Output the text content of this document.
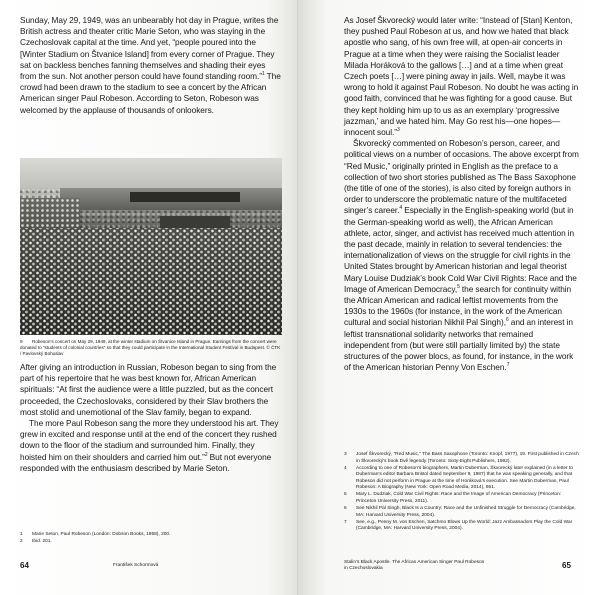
Sunday, May 29, 1949, was an unbearably hot day in Prague, writes the British actress and theater critic Marie Seton, who was staying in the Czechoslovak capital at the time. And yet, “people poured into the [Winter Stadium on Štvanice Island] from every corner of Prague. They sat on backless benches fanning themselves and shading their eyes from the sun. Not another person could have found standing room.”$^1$ The crowd had been drawn to the stadium to see a concert by the African American singer Paul Robeson. According to Seton, Robeson was welcomed by the applause of thousands of onlookers.

9 Robeson’s concert on May 29, 1949, at the winter stadium on Štvanice Island in Prague. Earnings from the concert were donated to “students of colonial countries” so that they could participate in the International Student Festival in Budapest. © ČTK / Pavlovský Bohuslav

After giving an introduction in Russian, Robeson began to sing from the part of his repertoire that he was best known for, African American spirituals: “At first the audience were a little puzzled, but as the concert proceeded, the Czechoslovaks, considered by their Slav brothers the most stolid and unemotional of the Slav family, began to expand.

The more Paul Robeson sang the more they understood his art. They grew in excited and response until at the end of the concert they rushed down to the floor of the stadium and surrounded him. Finally, they hoisted him on their shoulders and carried him out.”$^2$ But not everyone responded with the enthusiasm described by Marie Seton.

1	Marie Seton, Paul Robeson (London: Dobson Books, 1958), 200.
2	Ibid. 201.
64	František Schormová

As Josef Škvorecký would later write: “Instead of [Stan] Kenton, they pushed Paul Robeson at us, and how we hated that black apostle who sang, of his own free will, at open-air concerts in Prague at a time when they were raising the Socialist leader Milada Horáková to the gallows […] and at a time when great Czech poets […] were pining away in jails. Well, maybe it was wrong to hold it against Paul Robeson. No doubt he was acting in good faith, convinced that he was fighting for a good cause. But they kept holding him up to us as an exemplary ‘progressive jazzman,’ and we hated him. May Go rest his—one hopes—innocent soul.”$^3$

Škvorecký commented on Robeson’s person, career, and political views on a number of occasions. The above excerpt from “Red Music,” originally printed in English as the preface to a collection of two short stories published as The Bass Saxophone (the title of one of the stories), is also cited by foreign authors in order to underscore the problematic nature of the multifaceted singer’s career.$^4$ Especially in the English-speaking world (but in the German-speaking world as well), the African American athlete, actor, singer, and activist has received much attention in the past decade, mainly in relation to several tendencies: the internationalization of views on the struggle for civil rights in the United States brought by American historian and legal theorist Mary Louise Dudziak’s book Cold War Civil Rights: Race and the Image of American Democracy,$^5$ the search for continuity within the African American and radical leftist movements from the 1930s to the 1960s (for instance, in the work of the American cultural and social historian Nikhil Pal Singh),$^6$ and an interest in leftist transnational solidarity networks that remained independent from (but were still partially limited by) the state structures of the power blocs, as found, for instance, in the work of the American historian Penny Von Eschen.$^7$

3	Josef Škvorecký, “Red Music,” The Bass Saxophone (Toronto: Knopf, 1977), 19. First published in Czech in Škvorecký’s book Dvě legendy (Toronto: Sixty-Eight Publishers, 1982).
4	According to one of Robeson’s biographers, Martin Duberman, Škvorecký later explained (in a letter to Duberman’s editor Barbara Bristol dated September 9, 1987) that he was speaking generally, and that Robeson did not perform in Prague at the time of Horáková’s execution. See Martin Duberman, Paul Robeson: A Biography (New York: Open Road Media, 2014), 861.
5	Mary L. Dudziak, Cold War Civil Rights: Race and the Image of American Democracy (Princeton: Princeton University Press, 2011).
6	See Nikhil Pal Singh, Black Is a Country: Race and the Unfinished Struggle for Democracy (Cambridge, MA: Harvard University Press, 2004).
7	See, e.g., Penny M. von Eschen, Satchmo Blows Up the World: Jazz Ambassadors Play the Cold War (Cambridge, MA: Harvard University Press, 2004).
Stalin’s Black Apostle. The African American Singer Paul Robeson
in Czechoslovakia	65
